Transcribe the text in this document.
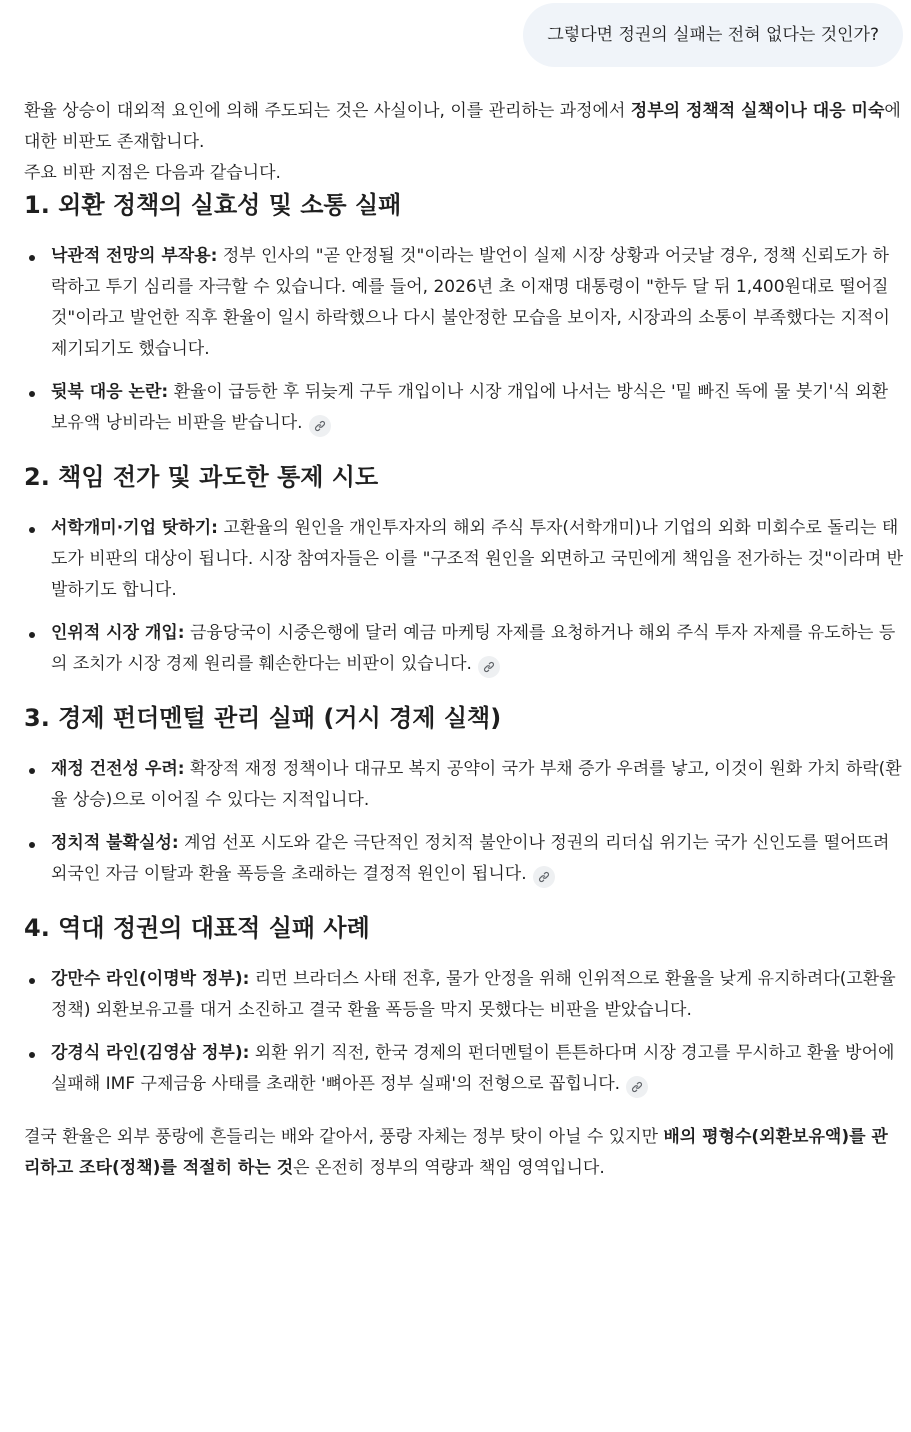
그렇다면 정권의 실패는 전혀 없다는 것인가?

환율 상승이 대외적 요인에 의해 주도되는 것은 사실이나, 이를 관리하는 과정에서 정부의 정책적 실책이나 대응 미숙에 대한 비판도 존재합니다.

주요 비판 지점은 다음과 같습니다.

1. 외환 정책의 실효성 및 소통 실패
낙관적 전망의 부작용: 정부 인사의 "곧 안정될 것"이라는 발언이 실제 시장 상황과 어긋날 경우, 정책 신뢰도가 하락하고 투기 심리를 자극할 수 있습니다. 예를 들어, 2026년 초 이재명 대통령이 "한두 달 뒤 1,400원대로 떨어질 것"이라고 발언한 직후 환율이 일시 하락했으나 다시 불안정한 모습을 보이자, 시장과의 소통이 부족했다는 지적이 제기되기도 했습니다.
뒷북 대응 논란: 환율이 급등한 후 뒤늦게 구두 개입이나 시장 개입에 나서는 방식은 '밑 빠진 독에 물 붓기'식 외환보유액 낭비라는 비판을 받습니다.
2. 책임 전가 및 과도한 통제 시도
서학개미·기업 탓하기: 고환율의 원인을 개인투자자의 해외 주식 투자(서학개미)나 기업의 외화 미회수로 돌리는 태도가 비판의 대상이 됩니다. 시장 참여자들은 이를 "구조적 원인을 외면하고 국민에게 책임을 전가하는 것"이라며 반발하기도 합니다.
인위적 시장 개입: 금융당국이 시중은행에 달러 예금 마케팅 자제를 요청하거나 해외 주식 투자 자제를 유도하는 등의 조치가 시장 경제 원리를 훼손한다는 비판이 있습니다.
3. 경제 펀더멘털 관리 실패 (거시 경제 실책)
재정 건전성 우려: 확장적 재정 정책이나 대규모 복지 공약이 국가 부채 증가 우려를 낳고, 이것이 원화 가치 하락(환율 상승)으로 이어질 수 있다는 지적입니다.
정치적 불확실성: 계엄 선포 시도와 같은 극단적인 정치적 불안이나 정권의 리더십 위기는 국가 신인도를 떨어뜨려 외국인 자금 이탈과 환율 폭등을 초래하는 결정적 원인이 됩니다.
4. 역대 정권의 대표적 실패 사례
강만수 라인(이명박 정부): 리먼 브라더스 사태 전후, 물가 안정을 위해 인위적으로 환율을 낮게 유지하려다(고환율 정책) 외환보유고를 대거 소진하고 결국 환율 폭등을 막지 못했다는 비판을 받았습니다.
강경식 라인(김영삼 정부): 외환 위기 직전, 한국 경제의 펀더멘털이 튼튼하다며 시장 경고를 무시하고 환율 방어에 실패해 IMF 구제금융 사태를 초래한 '뼈아픈 정부 실패'의 전형으로 꼽힙니다.

결국 환율은 외부 풍랑에 흔들리는 배와 같아서, 풍랑 자체는 정부 탓이 아닐 수 있지만 배의 평형수(외환보유액)를 관리하고 조타(정책)를 적절히 하는 것은 온전히 정부의 역량과 책임 영역입니다.
